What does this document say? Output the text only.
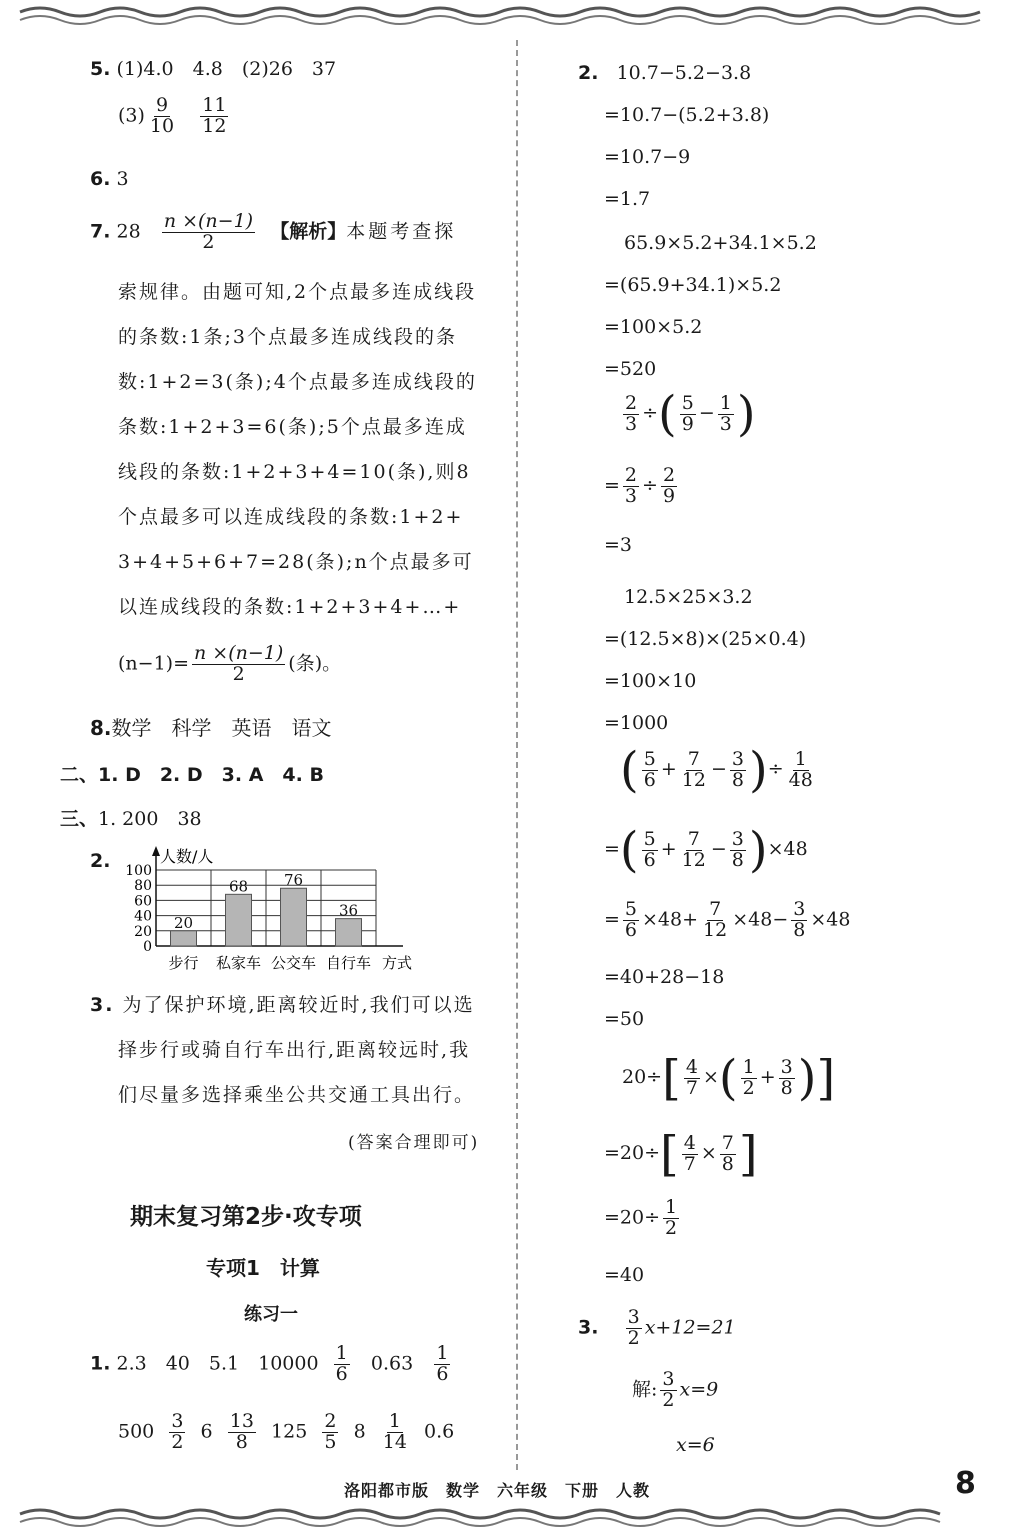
5. (1)4.0　4.8　(2)26　37
$(3) \frac{9}{10}$
$\frac{11}{12}$
6. 3
7. $28 \frac{n \times(n-1)}{2}$ 【解析】本题考查探
索规律。由题可知,2个点最多连成线段
的条数:1条;3个点最多连成线段的条
数:1+2=3(条);4个点最多连成线段的
条数:1+2+3=6(条);5个点最多连成
线段的条数:1+2+3+4=10(条),则8
个点最多可以连成线段的条数:1+2+
3+4+5+6+7=28(条);n个点最多可
以连成线段的条数:1+2+3+4+…+
$(n-1)= \frac{n \times(n-1)}{2}$ (条)。
8.数学　科学　英语　语文
二、1. D　2. D　3. A　4. B
三、1. 200　38
2.
0
20
40
60
80
100
人数/人
20
68 76
36
步行 私家车 公交车 自行车 方式
3. 为了保护环境,距离较近时,我们可以选
择步行或骑自行车出行,距离较远时,我
们尽量多选择乘坐公共交通工具出行。
(答案合理即可)
期末复习第2步·攻专项
专项1　计算
练习一
1. 2.3　40　5.1　$10000 \frac{1}{6} 0.63 \frac{1}{6}$
$500 \frac{3}{2} 6 \frac{13}{8} 125 \frac{2}{5} 8 \frac{1}{14} 0.6$
2. 10.7−5.2−3.8
=10.7−(5.2+3.8)
=10.7−9
=1.7
65.9×5.2+34.1×5.2
=(65.9+34.1)×5.2
=100×5.2
=520
$\frac{2}{3}$ ÷( $\frac{5}{9} - \frac{1}{3}$ )
= $\frac{2}{3} \div \frac{2}{9}$
=3
12.5×25×3.2
=(12.5×8)×(25×0.4)
=100×10
=1000
( $\frac{5}{6} + \frac{7}{12} - \frac{3}{8}$ )÷ $\frac{1}{48}$
=( $\frac{5}{6} + \frac{7}{12} - \frac{3}{8} )\times 48$
= $\frac{5}{6} \times 48+ \frac{7}{12} \times 48- \frac{3}{8} \times 48$
=40+28−18
=50
$20\div[ \frac{4}{7}$ ×( $\frac{1}{2} + \frac{3}{8}$ )]
$=20\div[ \frac{4}{7} \times \frac{7}{8}$ ]
$=20\div \frac{1}{2}$
=40
3. $\frac{3}{2} x+12=21$
解: $\frac{3}{2} x=9$
x=6
洛阳都市版　数学　六年级　下册　人教	8
